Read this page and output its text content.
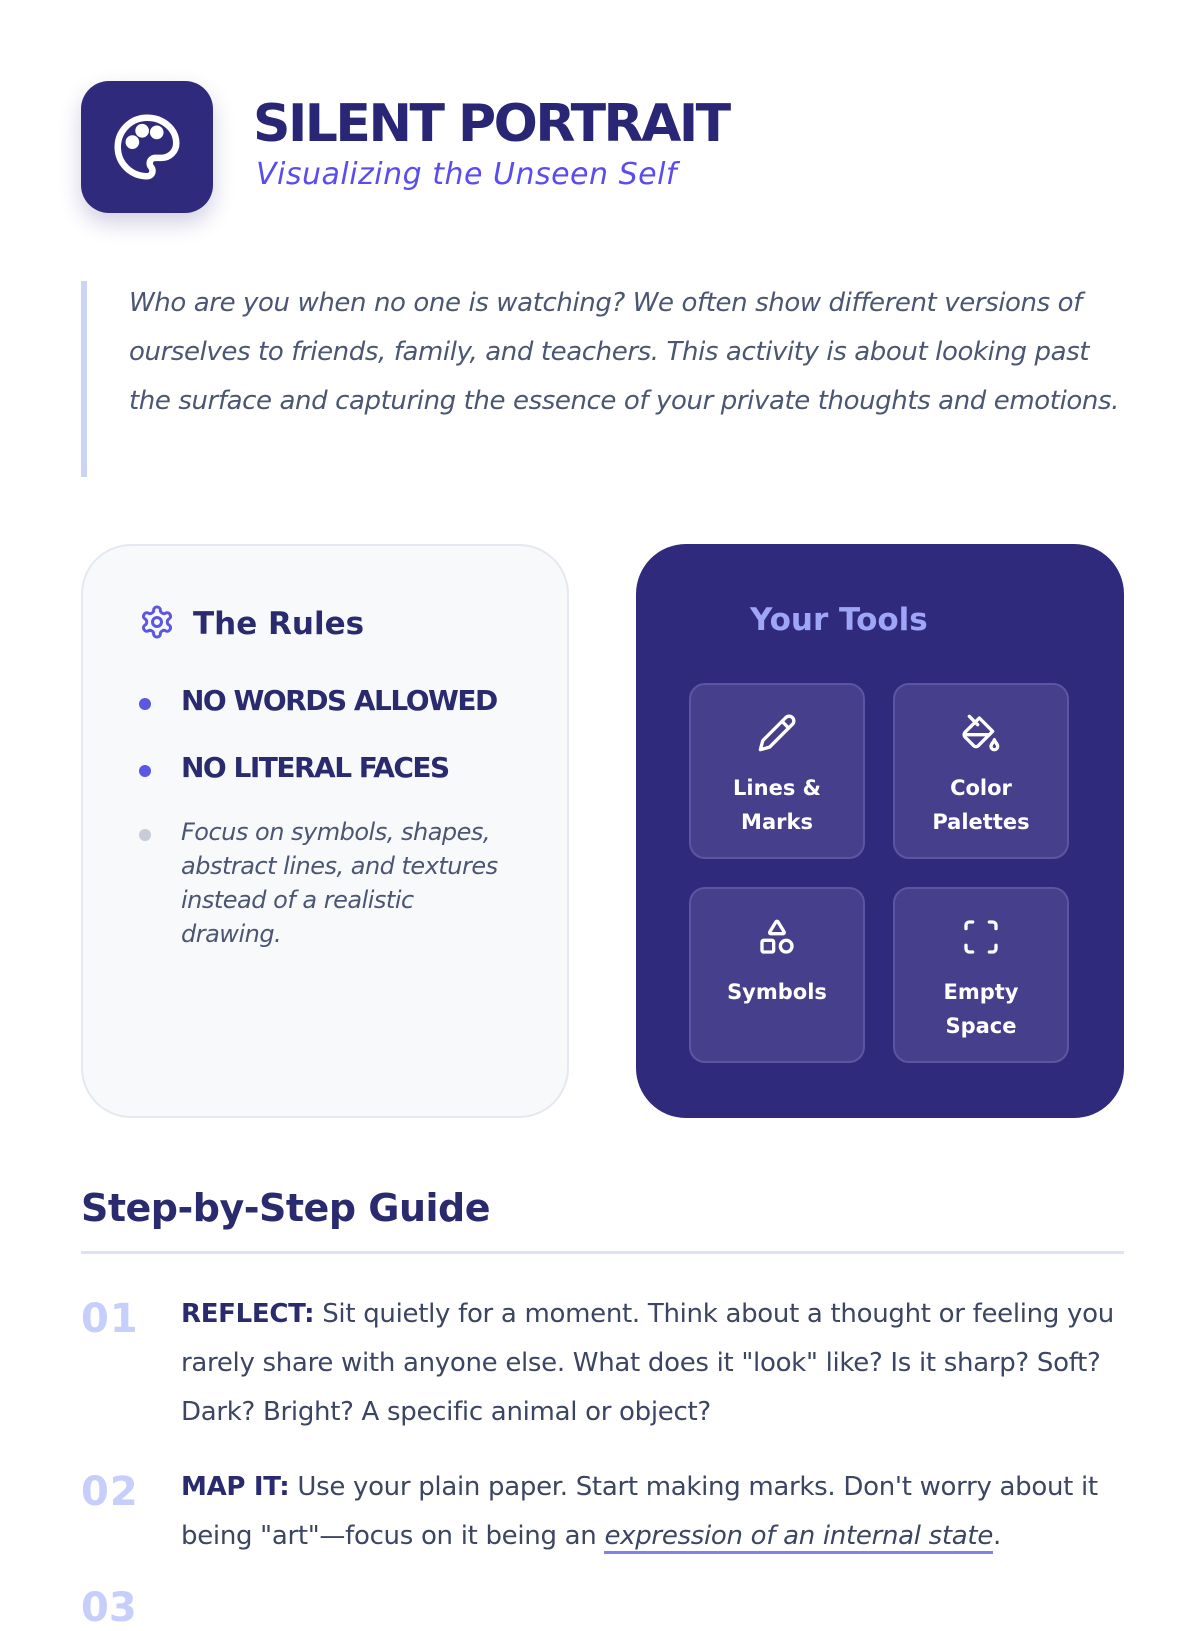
SILENT PORTRAIT
Visualizing the Unseen Self

Who are you when no one is watching? We often show different versions of ourselves to friends, family, and teachers. This activity is about looking past the surface and capturing the essence of your private thoughts and emotions.

The Rules
NO WORDS ALLOWED
NO LITERAL FACES
Focus on symbols, shapes, abstract lines, and textures instead of a realistic drawing.
Your Tools
Lines & Marks
Color Palettes
Symbols	Empty Space
Step-by-Step Guide
01	REFLECT: Sit quietly for a moment. Think about a thought or feeling you rarely share with anyone else. What does it "look" like? Is it sharp? Soft? Dark? Bright? A specific animal or object?
02	MAP IT: Use your plain paper. Start making marks. Don't worry about it being "art"—focus on it being an expression of an internal state.
03
